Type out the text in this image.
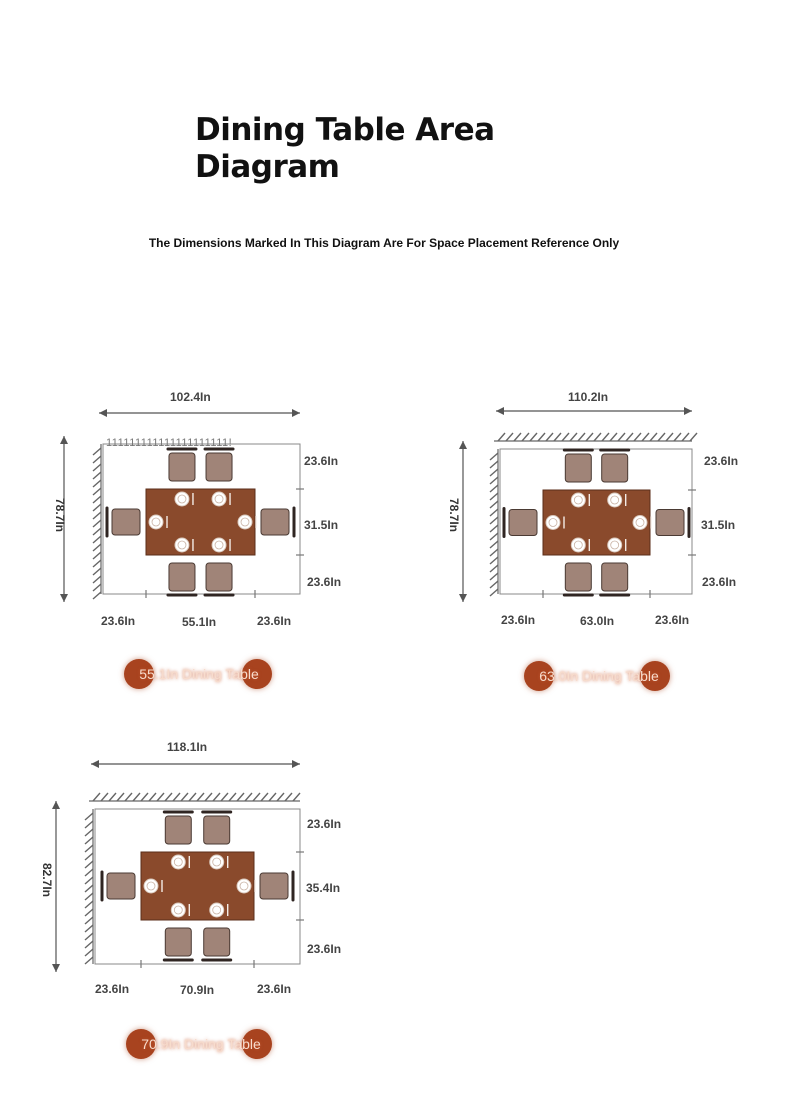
Dining Table Area
Diagram
The Dimensions Marked In This Diagram Are For Space Placement Reference Only
102.4In
78.7In
111111111111111111111!
23.6In
31.5In
23.6In
23.6In	55.1In	23.6In
55.1In Dining Table
110.2In
78.7In
23.6In
31.5In
23.6In
23.6In	63.0In	23.6In
63.0In Dining Table
118.1In
82.7In
23.6In
35.4In
23.6In
23.6In	70.9In	23.6In
70.9In Dining Table
